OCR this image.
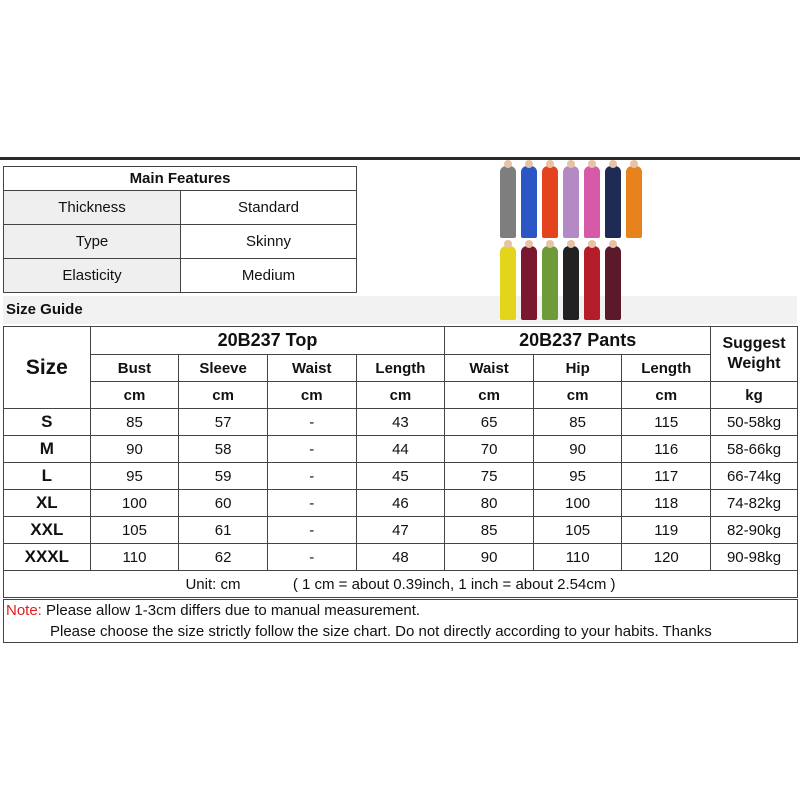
Main Features	
Thickness	Standard
Type	Skinny
Elasticity	Medium
Size Guide
Size	20B237 Top				20B237 Pants			Suggest Weight
	Bust	Sleeve	Waist	Length	Waist	Hip	Length	
	cm	cm	cm	cm	cm	cm	cm	kg
S	85	57	-	43	65	85	115	50-58kg
M	90	58	-	44	70	90	116	58-66kg
L	95	59	-	45	75	95	117	66-74kg
XL	100	60	-	46	80	100	118	74-82kg
XXL	105	61	-	47	85	105	119	82-90kg
XXXL	110	62	-	48	90	110	120	90-98kg
Unit: cm ( 1 cm = about 0.39inch, 1 inch = about 2.54cm )								
Note: Please allow 1-3cm differs due to manual measurement.
Please choose the size strictly follow the size chart. Do not directly according to your habits. Thanks
